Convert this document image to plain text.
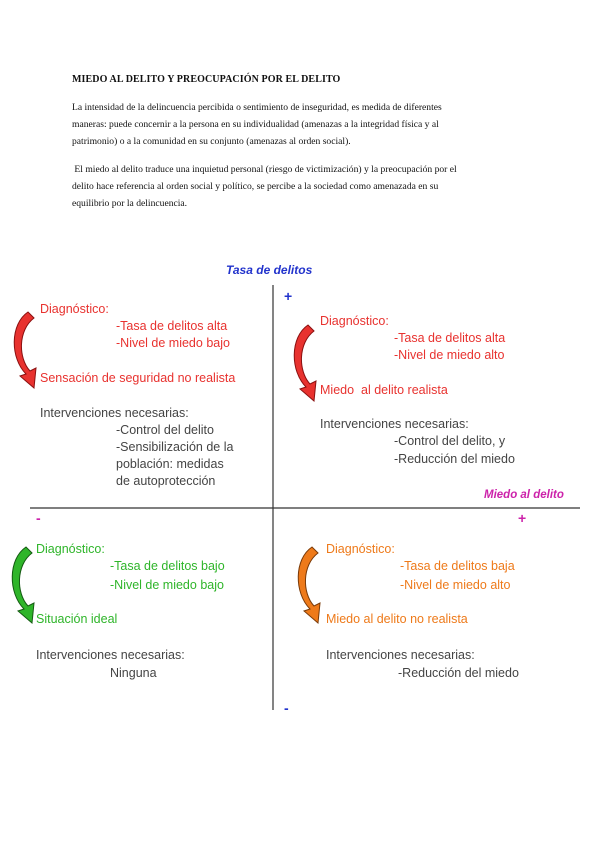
MIEDO AL DELITO Y PREOCUPACIÓN POR EL DELITO
La intensidad de la delincuencia percibida o sentimiento de inseguridad, es medida de diferentes
maneras: puede concernir a la persona en su individualidad (amenazas a la integridad física y al
patrimonio) o a la comunidad en su conjunto (amenazas al orden social).
El miedo al delito traduce una inquietud personal (riesgo de victimización) y la preocupación por el
delito hace referencia al orden social y político, se percibe a la sociedad como amenazada en su
equilibrio por la delincuencia.
Tasa de delitos
Miedo al delito
+
-
+
-
Diagnóstico:
-Tasa de delitos alta
-Nivel de miedo bajo
Sensación de seguridad no realista
Intervenciones necesarias:
-Control del delito
-Sensibilización de la
población: medidas
de autoprotección
Diagnóstico:
-Tasa de delitos alta
-Nivel de miedo alto
Miedo  al delito realista
Intervenciones necesarias:
-Control del delito, y
-Reducción del miedo
Diagnóstico:
-Tasa de delitos bajo
-Nivel de miedo bajo
Situación ideal
Intervenciones necesarias:
Ninguna
Diagnóstico:
-Tasa de delitos baja
-Nivel de miedo alto
Miedo al delito no realista
Intervenciones necesarias:
-Reducción del miedo
